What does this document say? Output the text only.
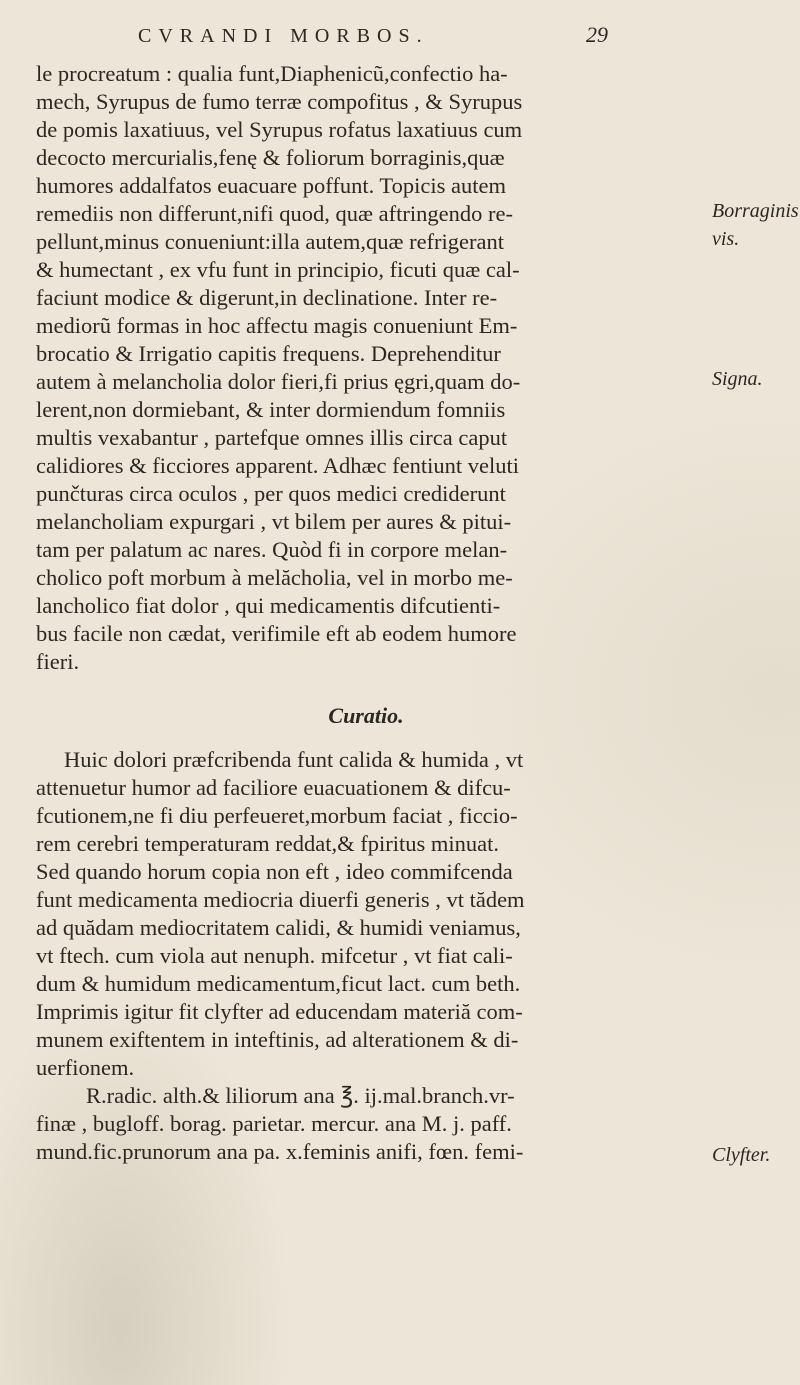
CVRANDI MORBOS.	29
le procreatum : qualia funt,Diaphenicũ,confectio ha-
mech, Syrupus de fumo terræ compofitus , & Syrupus
de pomis laxatiuus, vel Syrupus rofatus laxatiuus cum
decocto mercurialis,fenę & foliorum borraginis,quæ
humores addalfatos euacuare poffunt. Topicis autem
remediis non differunt,nifi quod, quæ aftringendo re-
pellunt,minus conueniunt:illa autem,quæ refrigerant
& humectant , ex vfu funt in principio, ficuti quæ cal-
faciunt modice & digerunt,in declinatione. Inter re-
mediorũ formas in hoc affectu magis conueniunt Em-
brocatio & Irrigatio capitis frequens. Deprehenditur
autem à melancholia dolor fieri,fi prius ęgri,quam do-
lerent,non dormiebant, & inter dormiendum fomniis
multis vexabantur , partefque omnes illis circa caput
calidiores & ficciores apparent. Adhæc fentiunt veluti
punčturas circa oculos , per quos medici crediderunt
melancholiam expurgari , vt bilem per aures & pitui-
tam per palatum ac nares. Quòd fi in corpore melan-
cholico poft morbum à melăcholia, vel in morbo me-
lancholico fiat dolor , qui medicamentis difcutienti-
bus facile non cædat, verifimile eft ab eodem humore
fieri.
Curatio.
Huic dolori præfcribenda funt calida & humida , vt
attenuetur humor ad faciliore euacuationem & difcu-
fcutionem,ne fi diu perfeueret,morbum faciat , ficcio-
rem cerebri temperaturam reddat,& fpiritus minuat.
Sed quando horum copia non eft , ideo commifcenda
funt medicamenta mediocria diuerfi generis , vt tădem
ad quădam mediocritatem calidi, & humidi veniamus,
vt ftech. cum viola aut nenuph. mifcetur , vt fiat cali-
dum & humidum medicamentum,ficut lact. cum beth.
Imprimis igitur fit clyfter ad educendam materiă com-
munem exiftentem in inteftinis, ad alterationem & di-
uerfionem.
R.radic. alth.& liliorum ana ℥. ij.mal.branch.vr-
finæ , bugloff. borag. parietar. mercur. ana M. j. paff.
mund.fic.prunorum ana pa. x.feminis anifi, fœn. femi-
Borraginis
vis.
Signa.
Clyfter.
